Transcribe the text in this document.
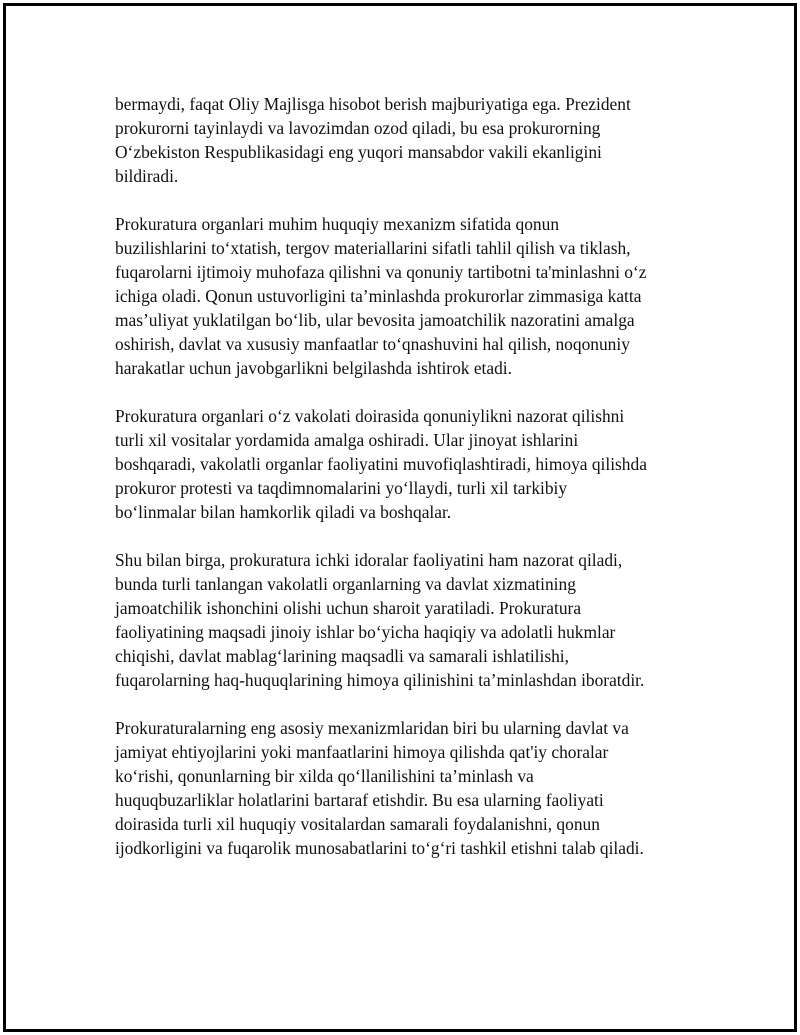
bermaydi, faqat Oliy Majlisga hisobot berish majburiyatiga ega. Prezident
prokurorni tayinlaydi va lavozimdan ozod qiladi, bu esa prokurorning
O‘zbekiston Respublikasidagi eng yuqori mansabdor vakili ekanligini
bildiradi.

Prokuratura organlari muhim huquqiy mexanizm sifatida qonun
buzilishlarini to‘xtatish, tergov materiallarini sifatli tahlil qilish va tiklash,
fuqarolarni ijtimoiy muhofaza qilishni va qonuniy tartibotni ta'minlashni o‘z
ichiga oladi. Qonun ustuvorligini ta’minlashda prokurorlar zimmasiga katta
mas’uliyat yuklatilgan bo‘lib, ular bevosita jamoatchilik nazoratini amalga
oshirish, davlat va xususiy manfaatlar to‘qnashuvini hal qilish, noqonuniy
harakatlar uchun javobgarlikni belgilashda ishtirok etadi.

Prokuratura organlari o‘z vakolati doirasida qonuniylikni nazorat qilishni
turli xil vositalar yordamida amalga oshiradi. Ular jinoyat ishlarini
boshqaradi, vakolatli organlar faoliyatini muvofiqlashtiradi, himoya qilishda
prokuror protesti va taqdimnomalarini yo‘llaydi, turli xil tarkibiy
bo‘linmalar bilan hamkorlik qiladi va boshqalar.

Shu bilan birga, prokuratura ichki idoralar faoliyatini ham nazorat qiladi,
bunda turli tanlangan vakolatli organlarning va davlat xizmatining
jamoatchilik ishonchini olishi uchun sharoit yaratiladi. Prokuratura
faoliyatining maqsadi jinoiy ishlar bo‘yicha haqiqiy va adolatli hukmlar
chiqishi, davlat mablag‘larining maqsadli va samarali ishlatilishi,
fuqarolarning haq-huquqlarining himoya qilinishini ta’minlashdan iboratdir.

Prokuraturalarning eng asosiy mexanizmlaridan biri bu ularning davlat va
jamiyat ehtiyojlarini yoki manfaatlarini himoya qilishda qat'iy choralar
ko‘rishi, qonunlarning bir xilda qo‘llanilishini ta’minlash va
huquqbuzarliklar holatlarini bartaraf etishdir. Bu esa ularning faoliyati
doirasida turli xil huquqiy vositalardan samarali foydalanishni, qonun
ijodkorligini va fuqarolik munosabatlarini to‘g‘ri tashkil etishni talab qiladi.
